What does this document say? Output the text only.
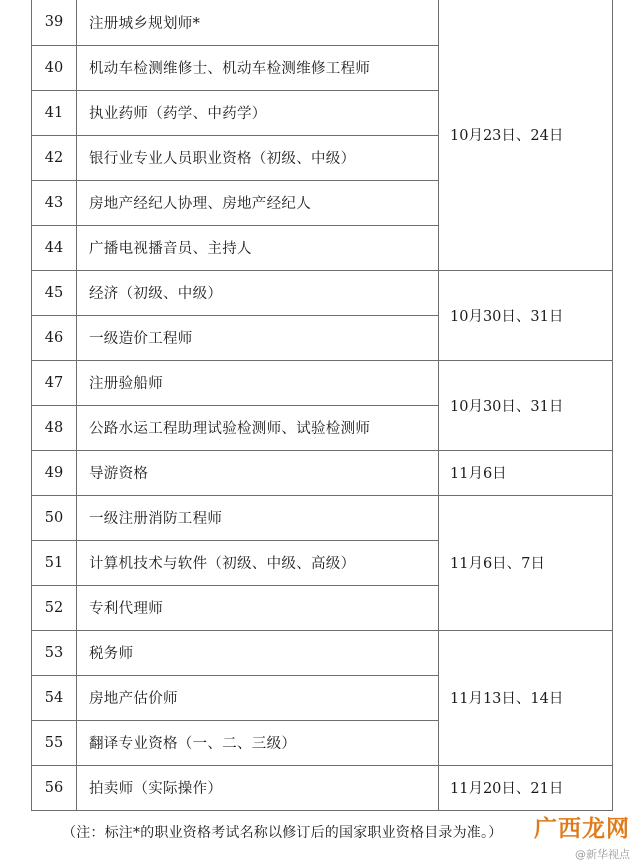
39	注册城乡规划师*	10月23日、24日
40	机动车检测维修士、机动车检测维修工程师	
41	执业药师（药学、中药学）	
42	银行业专业人员职业资格（初级、中级）	
43	房地产经纪人协理、房地产经纪人	
44	广播电视播音员、主持人	
45	经济（初级、中级）	10月30日、31日
46	一级造价工程师	
47	注册验船师	10月30日、31日
48	公路水运工程助理试验检测师、试验检测师	
49	导游资格	11月6日
50	一级注册消防工程师	11月6日、7日
51	计算机技术与软件（初级、中级、高级）	
52	专利代理师	
53	税务师	11月13日、14日
54	房地产估价师	
55	翻译专业资格（一、二、三级）	
56	拍卖师（实际操作）	11月20日、21日
（注：标注*的职业资格考试名称以修订后的国家职业资格目录为准。） 广西龙网
@新华视点
